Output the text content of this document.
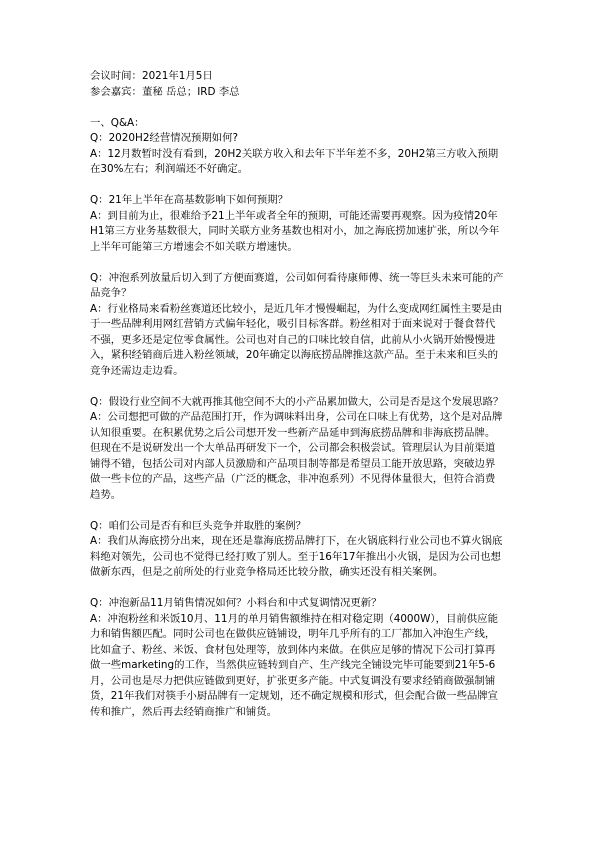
会议时间：2021年1月5日
参会嘉宾：董秘 岳总；IRD 李总
一、Q&A：
Q：2020H2经营情况预期如何?
A：12月数暂时没有看到，20H2关联方收入和去年下半年差不多，20H2第三方收入预期在30%左右；利润端还不好确定。
Q：21年上半年在高基数影响下如何预期？
A：到目前为止，很难给予21上半年或者全年的预期，可能还需要再观察。因为疫情20年H1第三方业务基数很大，同时关联方业务基数也相对小，加之海底捞加速扩张，所以今年上半年可能第三方增速会不如关联方增速快。
Q：冲泡系列放量后切入到了方便面赛道，公司如何看待康师傅、统一等巨头未来可能的产品竞争？
A：行业格局来看粉丝赛道还比较小，是近几年才慢慢崛起，为什么变成网红属性主要是由于一些品牌利用网红营销方式偏年轻化，吸引目标客群。粉丝相对于面来说对于餐食替代不强，更多还是定位零食属性。公司也对自己的口味比较自信，此前从小火锅开始慢慢进入，紧积经销商后进入粉丝领域，20年确定以海底捞品牌推这款产品。至于未来和巨头的竞争还需边走边看。
Q：假设行业空间不大就再推其他空间不大的小产品累加做大，公司是否是这个发展思路？
A：公司想把可做的产品范围打开，作为调味料出身，公司在口味上有优势，这个是对品牌认知很重要。在积累优势之后公司想开发一些新产品延申到海底捞品牌和非海底捞品牌。但现在不是说研发出一个大单品再研发下一个，公司都会积极尝试。管理层认为目前渠道铺得不错，包括公司对内部人员激励和产品项目制等都是希望员工能开放思路，突破边界做一些卡位的产品，这些产品（广泛的概念，非冲泡系列）不见得体量很大，但符合消费趋势。
Q：咱们公司是否有和巨头竞争并取胜的案例？
A：我们从海底捞分出来，现在还是靠海底捞品牌打下，在火锅底料行业公司也不算火锅底料绝对领先，公司也不觉得已经打败了别人。至于16年17年推出小火锅，是因为公司也想做新东西，但是之前所处的行业竞争格局还比较分散，确实还没有相关案例。
Q：冲泡新品11月销售情况如何？小料台和中式复调情况更新？
A：冲泡粉丝和米饭10月、11月的单月销售额维持在相对稳定期（4000W），目前供应能力和销售额匹配。同时公司也在做供应链铺设，明年几乎所有的工厂都加入冲泡生产线，比如盒子、粉丝、米饭、食材包处理等，放到体内来做。在供应足够的情况下公司打算再做一些marketing的工作，当然供应链转到自产、生产线完全铺设完毕可能要到21年5-6月，公司也是尽力把供应链做到更好，扩张更多产能。中式复调没有要求经销商做强制铺货，21年我们对筷手小厨品牌有一定规划，还不确定规模和形式，但会配合做一些品牌宣传和推广，然后再去经销商推广和铺货。
